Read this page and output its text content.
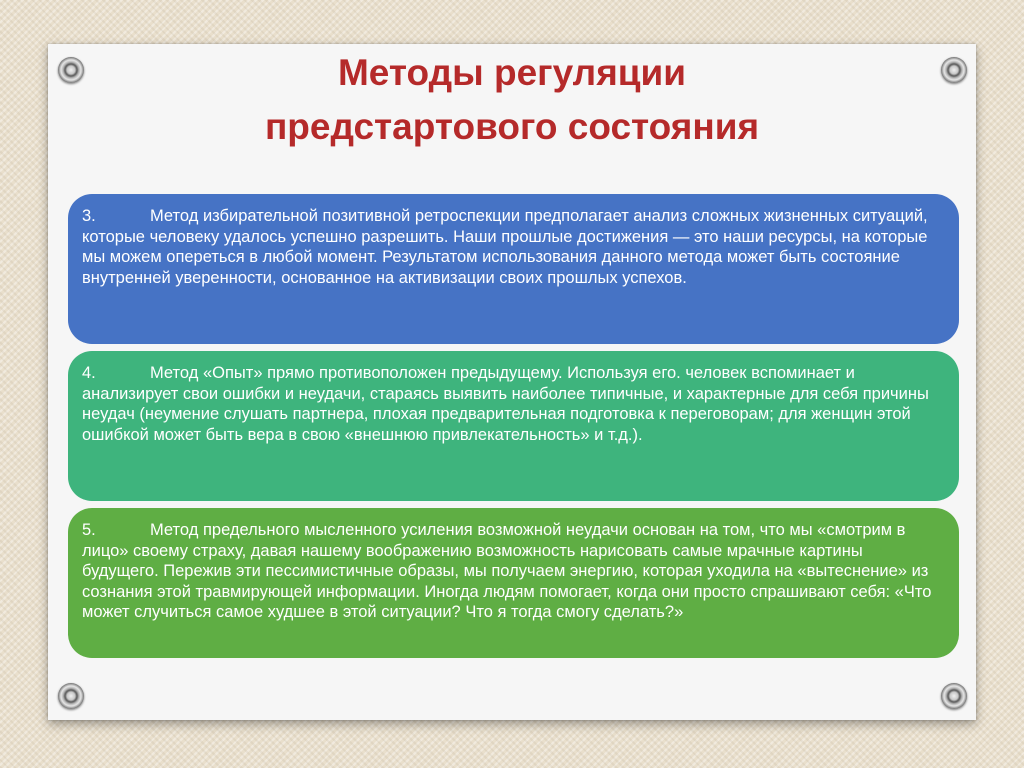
Методы регуляции
предстартового состояния
3.	Метод избирательной позитивной ретроспекции предполагает анализ сложных жизненных ситуаций, которые человеку удалось успешно разрешить. Наши прошлые достижения — это наши ресурсы, на которые мы можем опереться в любой момент. Результатом использования данного метода может быть состояние внутренней уверенности, основанное на активизации своих прошлых успехов.
4.	Метод «Опыт» прямо противоположен предыдущему. Используя его. человек вспоминает и анализирует свои ошибки и неудачи, стараясь выявить наиболее типичные, и характерные для себя причины неудач (неумение слушать партнера, плохая предварительная подготовка к переговорам; для женщин этой ошибкой может быть вера в свою «внешнюю привлекательность» и т.д.).
5.	Метод предельного мысленного усиления возможной неудачи основан на том, что мы «смотрим в лицо» своему страху, давая нашему воображению возможность нарисовать самые мрачные картины будущего. Пережив эти пессимистичные образы, мы получаем энергию, которая уходила на «вытеснение» из сознания этой травмирующей информации. Иногда людям помогает, когда они просто спрашивают себя: «Что может случиться самое худшее в этой ситуации? Что я тогда смогу сделать?»
